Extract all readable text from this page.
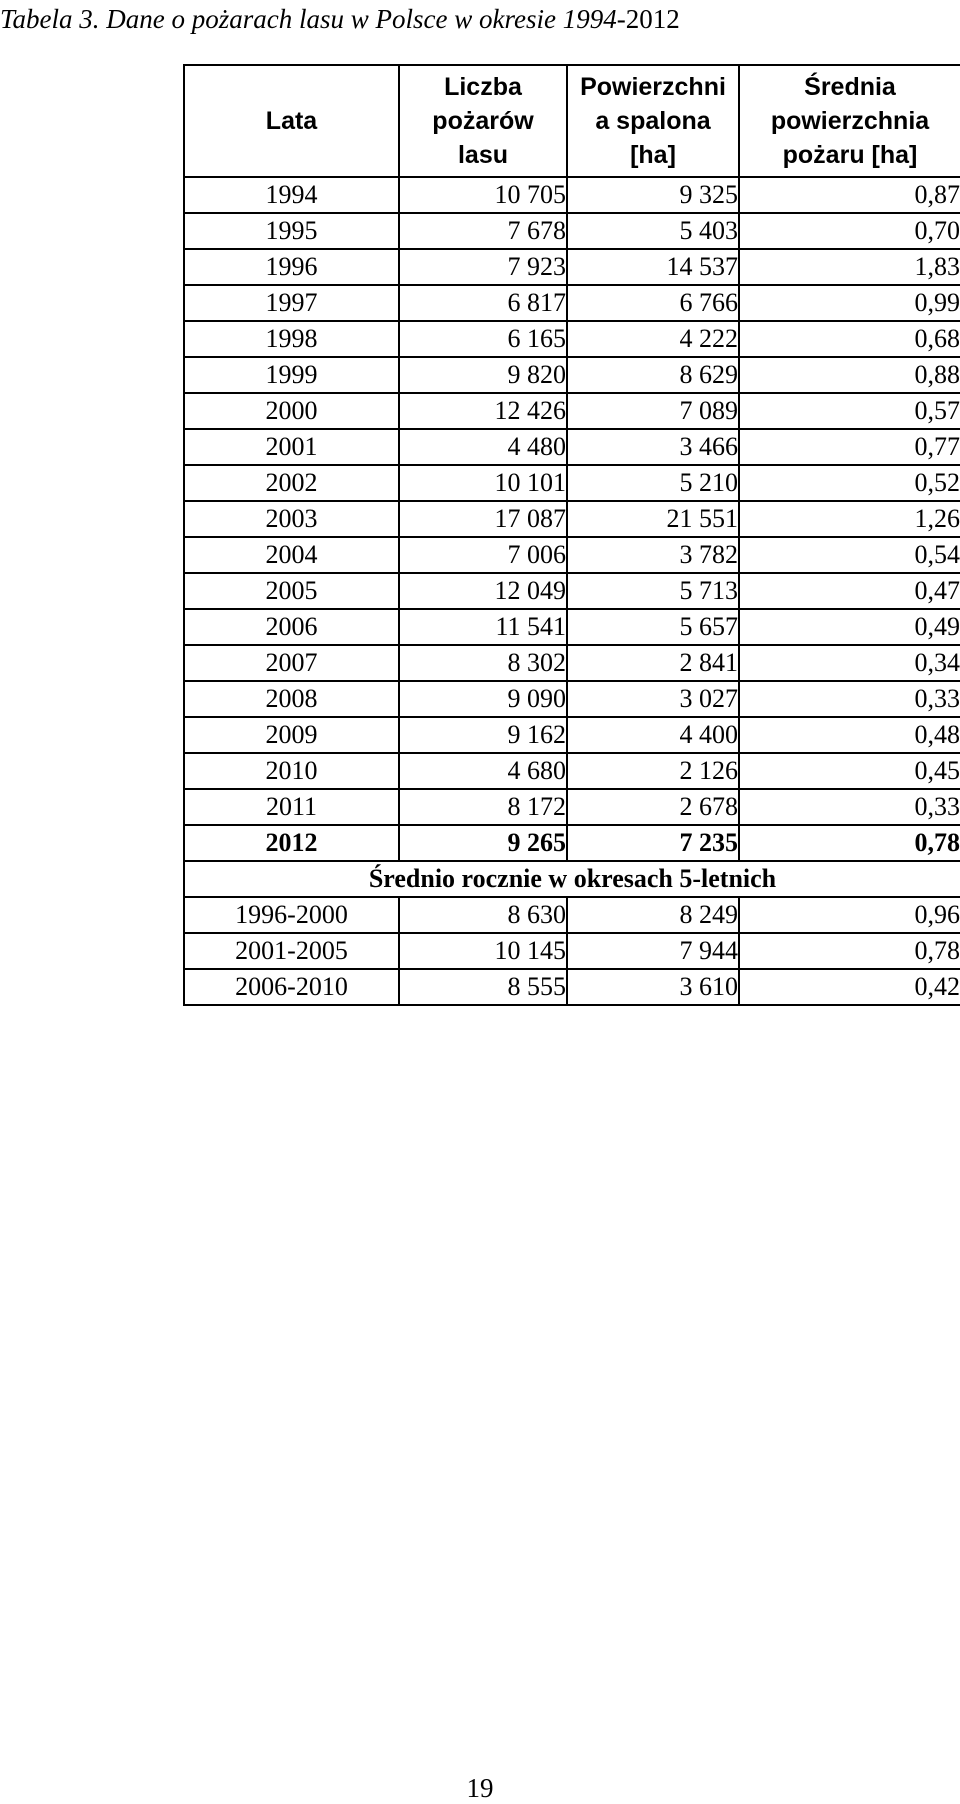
Tabela 3. Dane o pożarach lasu w Polsce w okresie 1994-2012
Lata	Liczba
pożarów
lasu	Powierzchni
a spalona
[ha]	Średnia
powierzchnia
pożaru [ha]

1994	10 705	9 325	0,87
1995	7 678	5 403	0,70
1996	7 923	14 537	1,83
1997	6 817	6 766	0,99
1998	6 165	4 222	0,68
1999	9 820	8 629	0,88
2000	12 426	7 089	0,57
2001	4 480	3 466	0,77
2002	10 101	5 210	0,52
2003	17 087	21 551	1,26
2004	7 006	3 782	0,54
2005	12 049	5 713	0,47
2006	11 541	5 657	0,49
2007	8 302	2 841	0,34
2008	9 090	3 027	0,33
2009	9 162	4 400	0,48
2010	4 680	2 126	0,45
2011	8 172	2 678	0,33
2012	9 265	7 235	0,78
Średnio rocznie w okresach 5-letnich			
1996-2000	8 630	8 249	0,96
2001-2005	10 145	7 944	0,78
2006-2010	8 555	3 610	0,42
19
